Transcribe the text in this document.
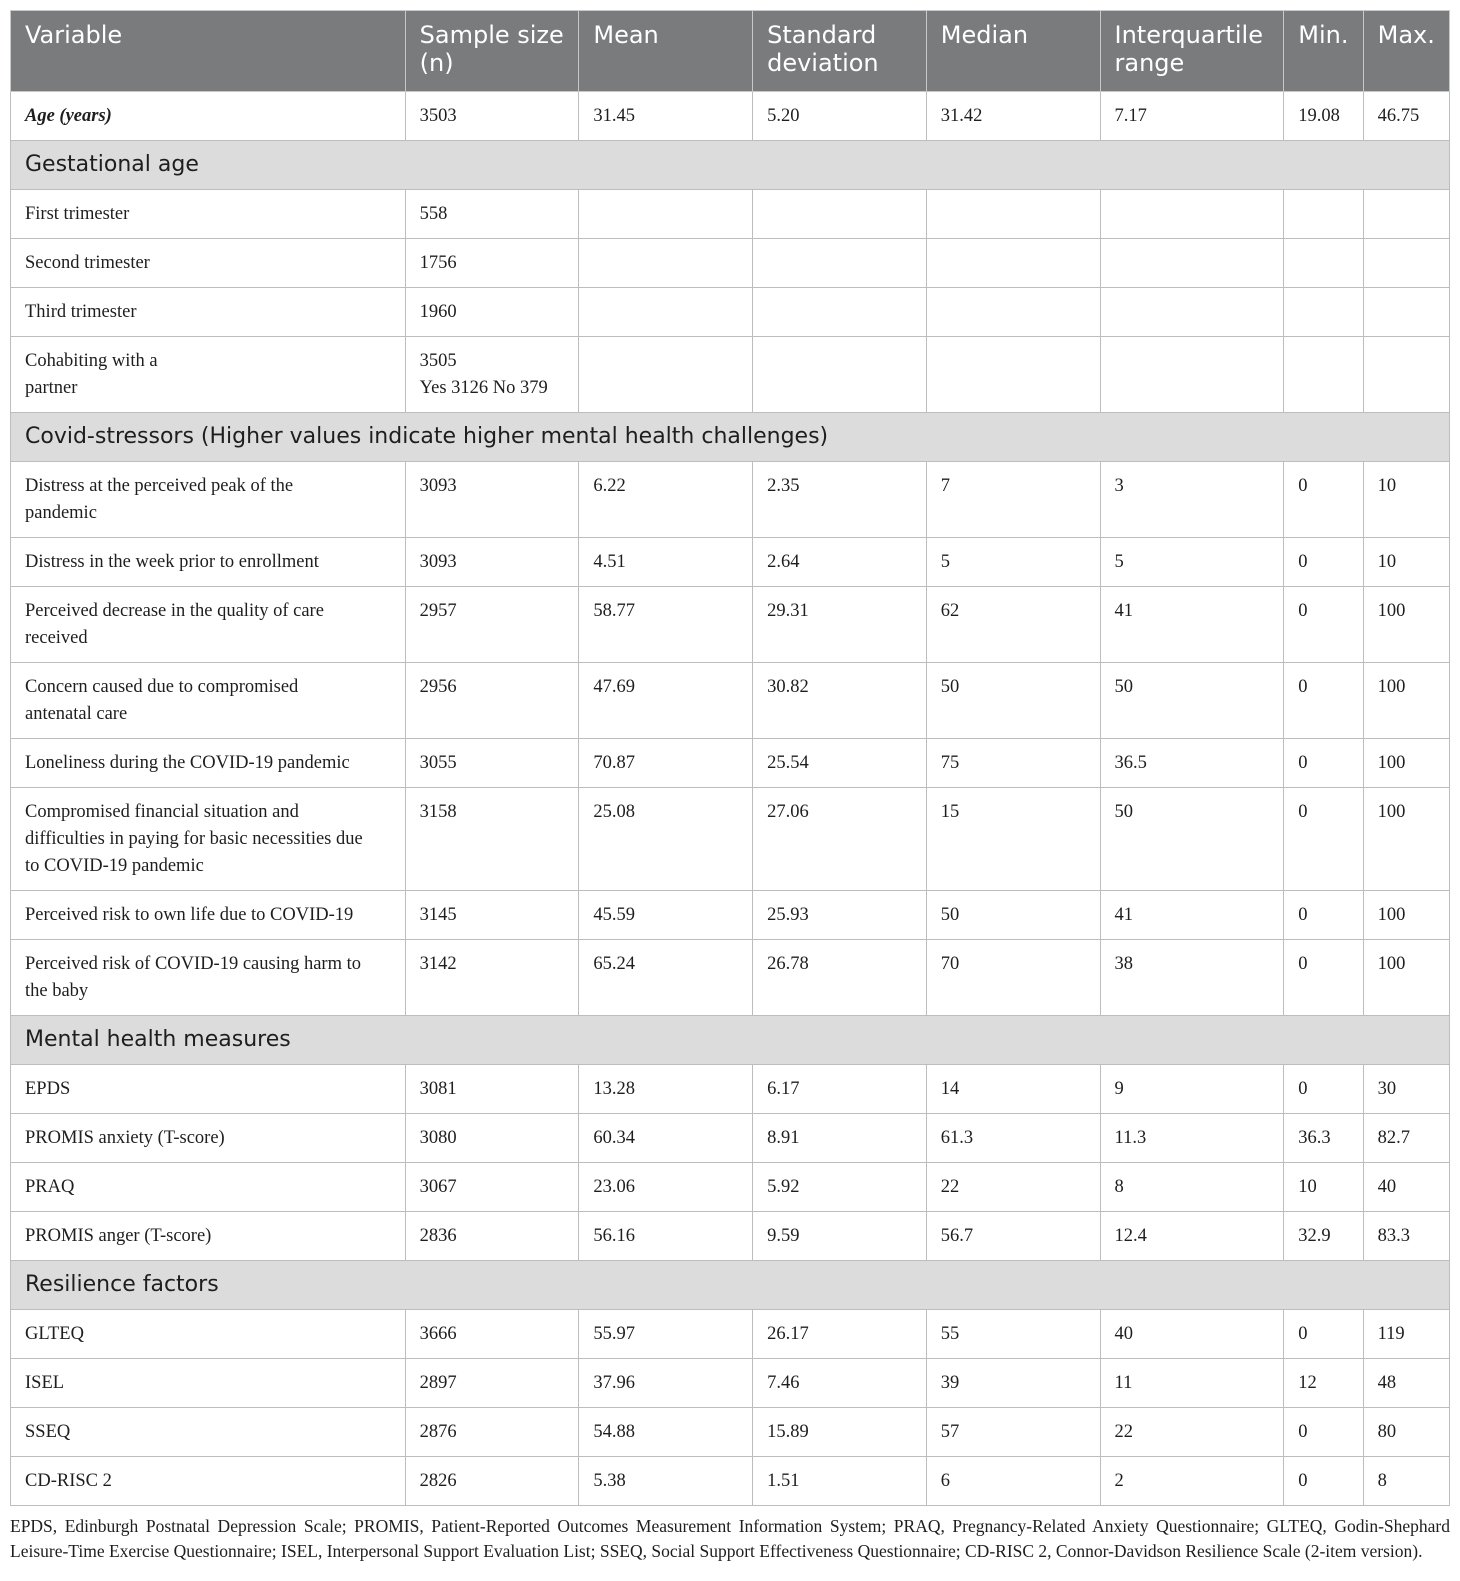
Variable	Sample size (n)	Mean	Standard deviation	Median	Interquartile range	Min.	Max.
Age (years)	3503	31.45	5.20	31.42	7.17	19.08	46.75
Gestational age							
First trimester	558						
Second trimester	1756						
Third trimester	1960						

Cohabiting with a partner	3505
Yes 3126 No 379						

Covid-stressors (Higher values indicate higher mental health challenges)							

Distress at the perceived peak of the pandemic	3093	6.22	2.35	7	3	0	10

Distress in the week prior to enrollment	3093	4.51	2.64	5	5	0	10

Perceived decrease in the quality of care received	2957	58.77	29.31	62	41	0	100

Concern caused due to compromised antenatal care	2956	47.69	30.82	50	50	0	100

Loneliness during the COVID-19 pandemic	3055	70.87	25.54	75	36.5	0	100

Compromised financial situation and difficulties in paying for basic necessities due to COVID-19 pandemic	3158	25.08	27.06	15	50	0	100

Perceived risk to own life due to COVID-19	3145	45.59	25.93	50	41	0	100

Perceived risk of COVID-19 causing harm to the baby	3142	65.24	26.78	70	38	0	100
Mental health measures							
EPDS	3081	13.28	6.17	14	9	0	30
PROMIS anxiety (T-score)	3080	60.34	8.91	61.3	11.3	36.3	82.7
PRAQ	3067	23.06	5.92	22	8	10	40
PROMIS anger (T-score)	2836	56.16	9.59	56.7	12.4	32.9	83.3
Resilience factors							
GLTEQ	3666	55.97	26.17	55	40	0	119
ISEL	2897	37.96	7.46	39	11	12	48
SSEQ	2876	54.88	15.89	57	22	0	80
CD-RISC 2	2826	5.38	1.51	6	2	0	8
EPDS, Edinburgh Postnatal Depression Scale; PROMIS, Patient-Reported Outcomes Measurement Information System; PRAQ, Pregnancy-Related Anxiety Questionnaire; GLTEQ, Godin-Shephard Leisure-Time Exercise Questionnaire; ISEL, Interpersonal Support Evaluation List; SSEQ, Social Support Effectiveness Questionnaire; CD-RISC 2, Connor-Davidson Resilience Scale (2-item version).
